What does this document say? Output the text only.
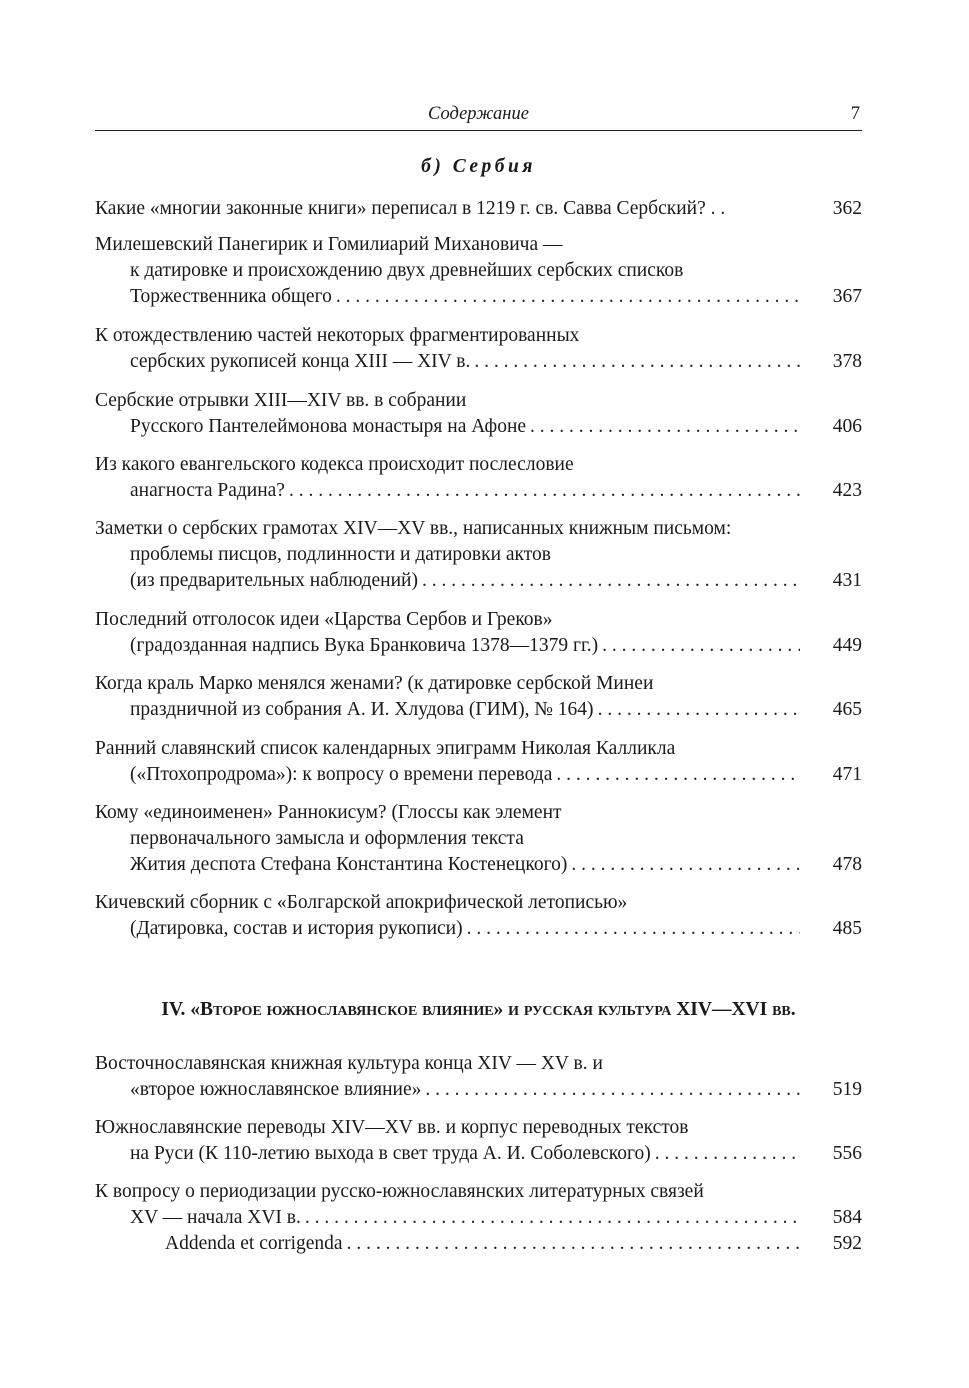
Содержание	7
б) Сербия
Какие «многии законные книги» переписал в 1219 г. св. Савва Сербский? . .	362
Милешевский Панегирик и Гомилиарий Михановича —
к датировке и происхождению двух древнейших сербских списков
Торжественника общего . . .	367
К отождествлению частей некоторых фрагментированных
сербских рукописей конца XIII — XIV в. . . .	378
Сербские отрывки XIII—XIV вв. в собрании
Русского Пантелеймонова монастыря на Афоне . . .	406
Из какого евангельского кодекса происходит послесловие
анагноста Радина? . . .	423
Заметки о сербских грамотах XIV—XV вв., написанных книжным письмом:
проблемы писцов, подлинности и датировки актов
(из предварительных наблюдений) . . .	431
Последний отголосок идеи «Царства Сербов и Греков»
(градозданная надпись Вука Бранковича 1378—1379 гг.) . . .	449
Когда краль Марко менялся женами? (к датировке сербской Минеи
праздничной из собрания А. И. Хлудова (ГИМ), № 164) . . .	465
Ранний славянский список календарных эпиграмм Николая Калликла
(«Птохопродрома»): к вопросу о времени перевода . . .	471
Кому «единоименен» Раннокисум? (Глоссы как элемент
первоначального замысла и оформления текста
Жития деспота Стефана Константина Костенецкого) . . .	478
Кичевский сборник с «Болгарской апокрифической летописью»
(Датировка, состав и история рукописи) . . .	485
IV. «Второе южнославянское влияние» и русская культура XIV—XVI вв.
Восточнославянская книжная культура конца XIV — XV в. и
«второе южнославянское влияние» . . .	519
Южнославянские переводы XIV—XV вв. и корпус переводных текстов
на Руси (К 110-летию выхода в свет труда А. И. Соболевского) . . .	556
К вопросу о периодизации русско-южнославянских литературных связей
XV — начала XVI в. . . .	584
Addenda et corrigenda . . .	592
